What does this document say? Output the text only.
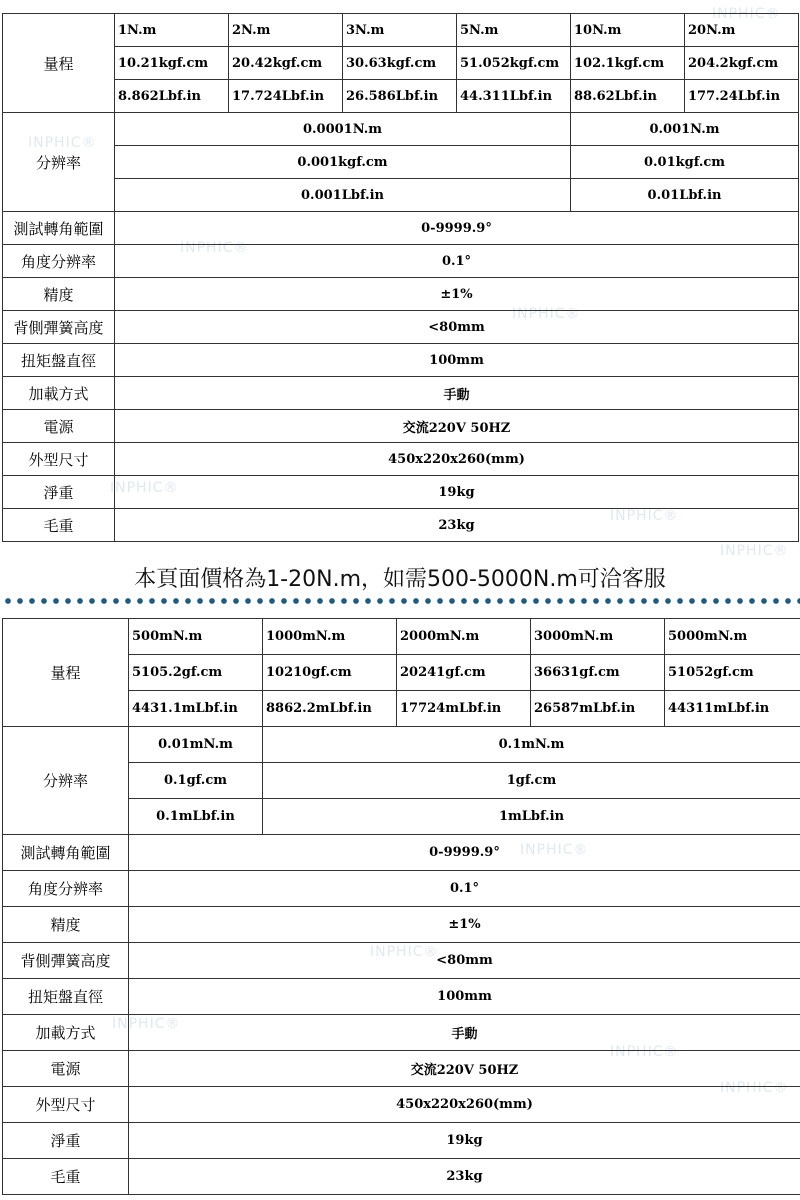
INPHIC®
INPHIC®
INPHIC®
INPHIC®
INPHIC®
INPHIC®
INPHIC®
INPHIC®
INPHIC®
INPHIC®
INPHIC®
INPHIC®
量程	1N.m	2N.m	3N.m	5N.m	10N.m	20N.m
	10.21kgf.cm	20.42kgf.cm	30.63kgf.cm	51.052kgf.cm	102.1kgf.cm	204.2kgf.cm
	8.862Lbf.in	17.724Lbf.in	26.586Lbf.in	44.311Lbf.in	88.62Lbf.in	177.24Lbf.in
分辨率	0.0001N.m				0.001N.m	
	0.001kgf.cm				0.01kgf.cm	
	0.001Lbf.in				0.01Lbf.in	
測試轉角範圍	0-9999.9°					
角度分辨率	0.1°					
精度	±1%					
背側彈簧高度	<80mm					
扭矩盤直徑	100mm					
加載方式	手動					
電源	交流220V 50HZ					
外型尺寸	450x220x260(mm)					
淨重	19kg					
毛重	23kg					
本頁面價格為1-20N.m，如需500-5000N.m可洽客服
量程	500mN.m	1000mN.m	2000mN.m	3000mN.m	5000mN.m
	5105.2gf.cm	10210gf.cm	20241gf.cm	36631gf.cm	51052gf.cm
	4431.1mLbf.in	8862.2mLbf.in	17724mLbf.in	26587mLbf.in	44311mLbf.in
分辨率	0.01mN.m	0.1mN.m			
	0.1gf.cm	1gf.cm			
	0.1mLbf.in	1mLbf.in			
測試轉角範圍	0-9999.9°				
角度分辨率	0.1°				
精度	±1%				
背側彈簧高度	<80mm				
扭矩盤直徑	100mm				
加載方式	手動				
電源	交流220V 50HZ				
外型尺寸	450x220x260(mm)				
淨重	19kg				
毛重	23kg				
